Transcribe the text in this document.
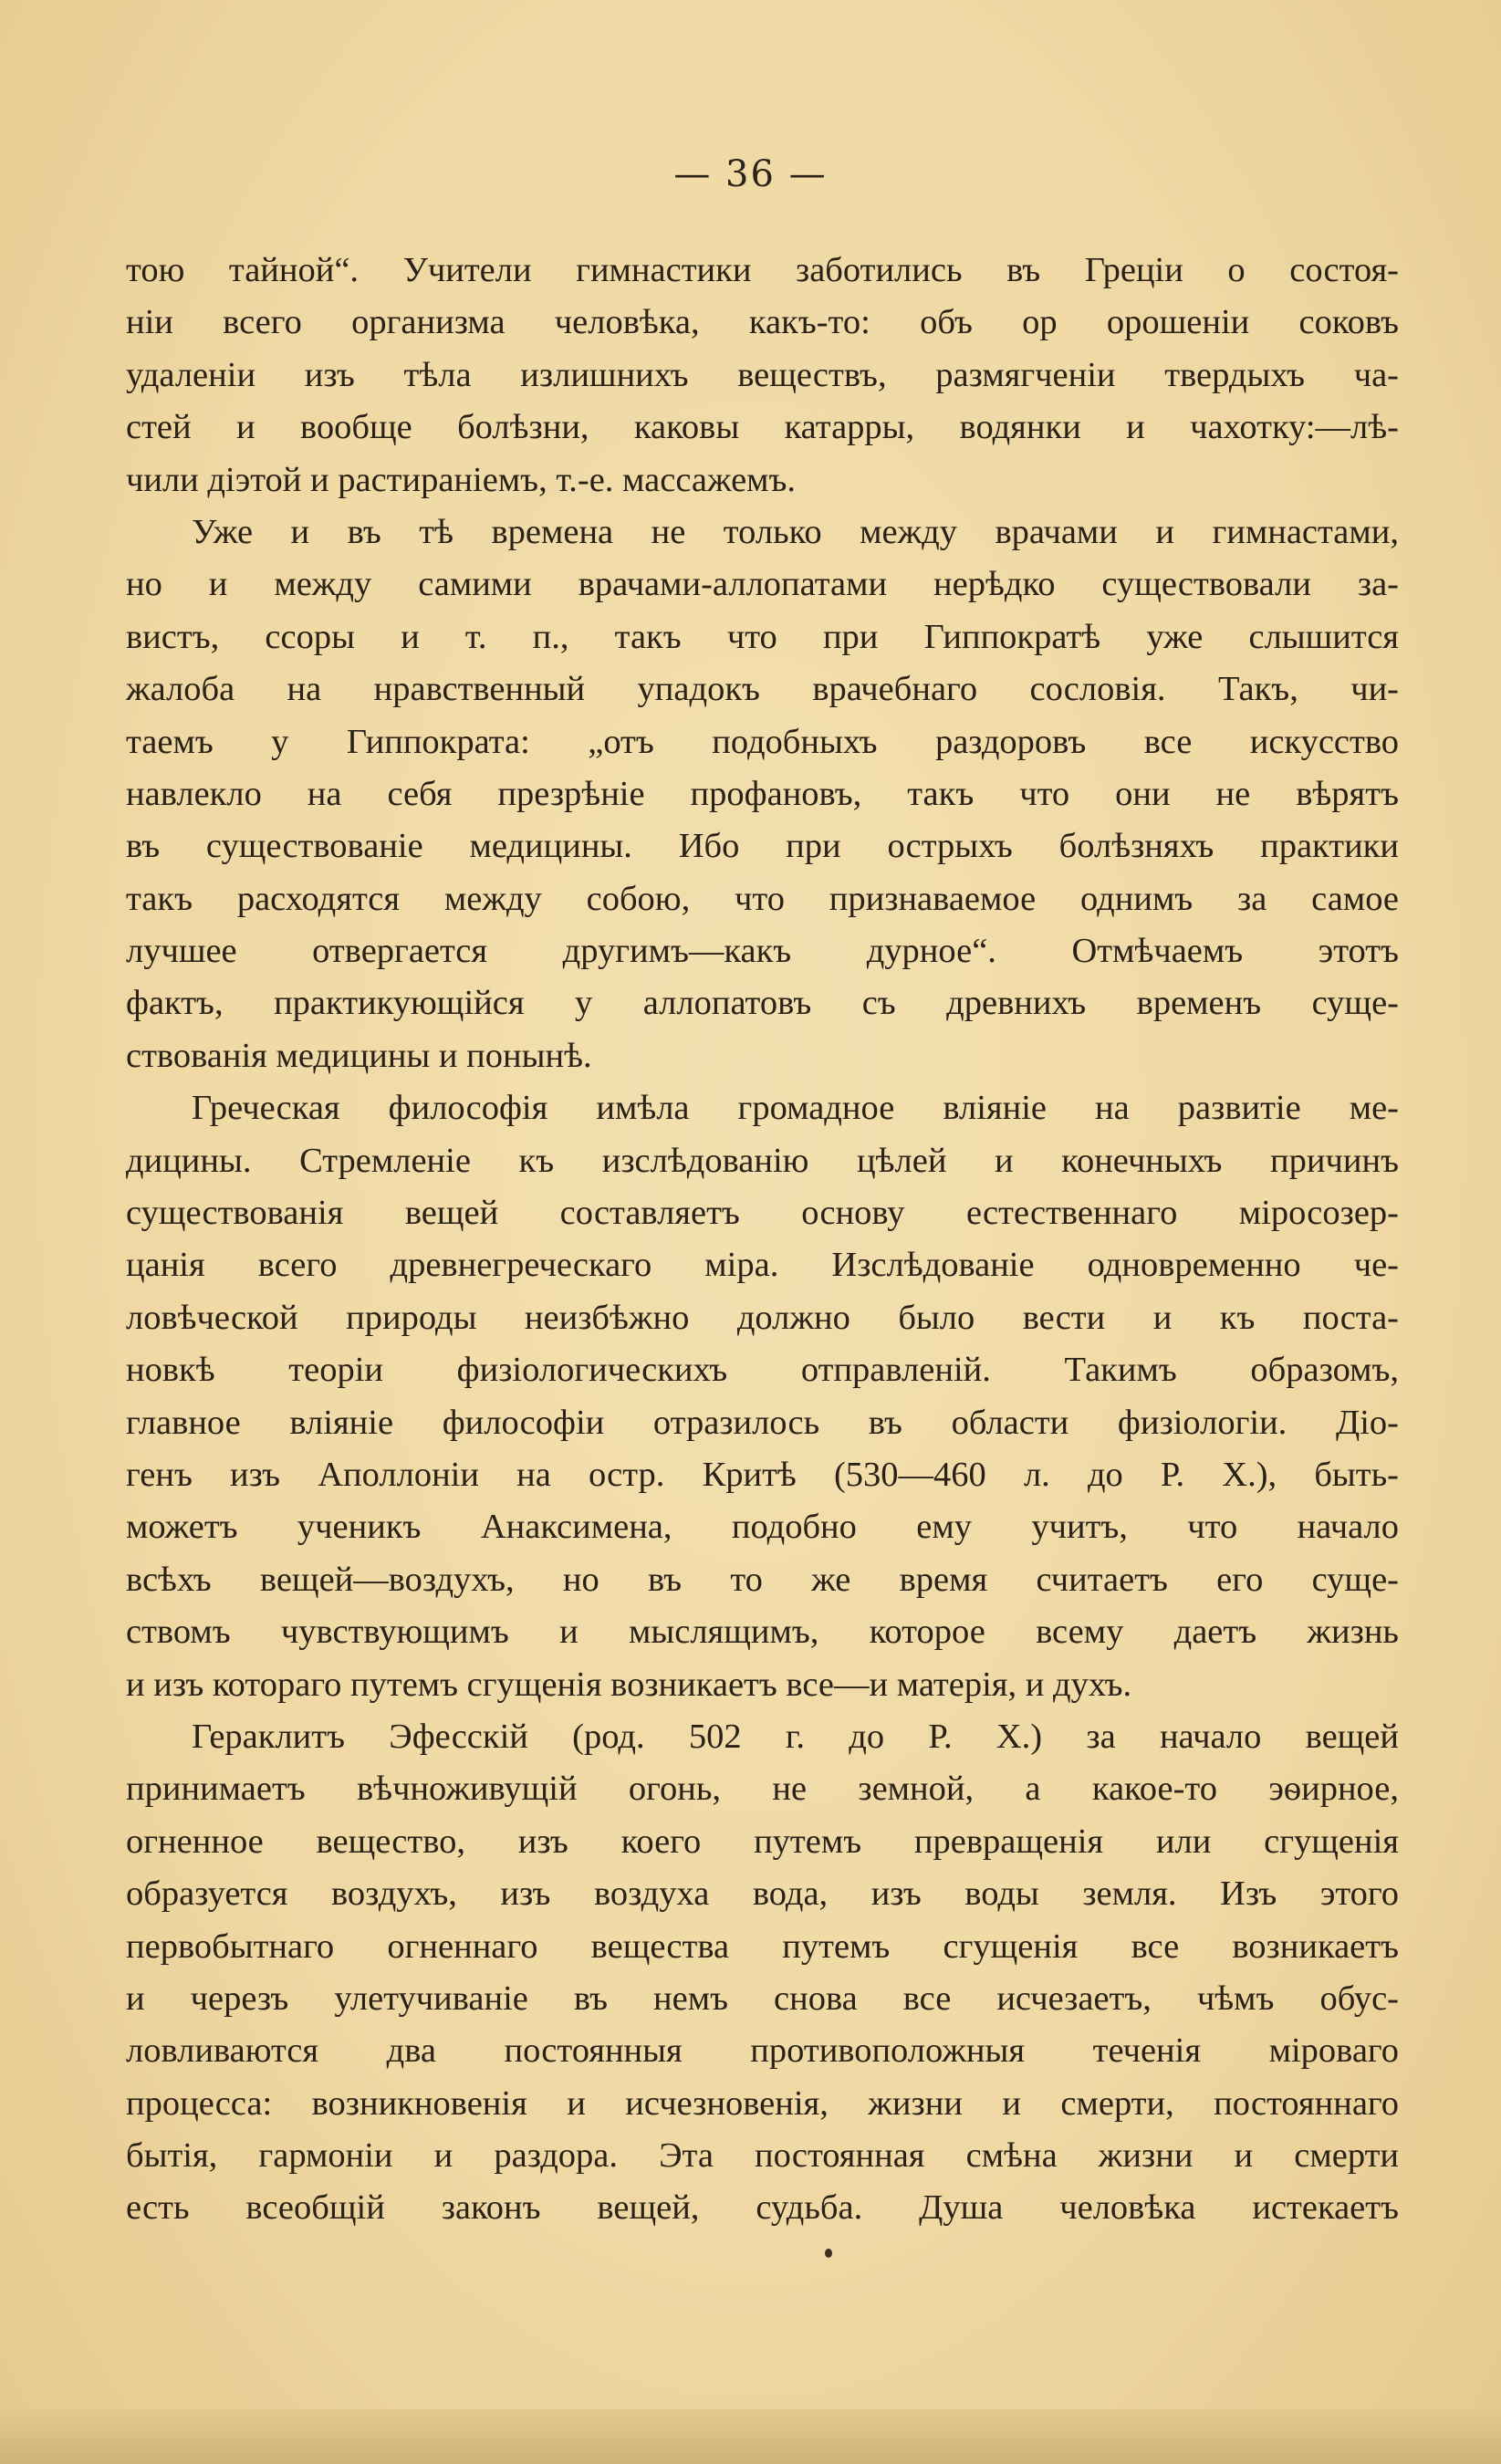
— 36 —
тою тайной“. Учители гимнастики заботились въ Греціи о состоя-
ніи всего организма человѣка, какъ-то: объ ор орошеніи соковъ
удаленіи изъ тѣла излишнихъ веществъ, размягченіи твердыхъ ча-
стей и вообще болѣзни, каковы катарры, водянки и чахотку:—лѣ-
чили діэтой и растираніемъ, т.-е. массажемъ.
Уже и въ тѣ времена не только между врачами и гимнастами,
но и между самими врачами-аллопатами нерѣдко существовали за-
вистъ, ссоры и т. п., такъ что при Гиппократѣ уже слышится
жалоба на нравственный упадокъ врачебнаго сословія. Такъ, чи-
таемъ у Гиппократа: „отъ подобныхъ раздоровъ все искусство
навлекло на себя презрѣніе профановъ, такъ что они не вѣрятъ
въ существованіе медицины. Ибо при острыхъ болѣзняхъ практики
такъ расходятся между собою, что признаваемое однимъ за самое
лучшее отвергается другимъ—какъ дурное“. Отмѣчаемъ этотъ
фактъ, практикующійся у аллопатовъ съ древнихъ временъ суще-
ствованія медицины и понынѣ.
Греческая философія имѣла громадное вліяніе на развитіе ме-
дицины. Стремленіе къ изслѣдованію цѣлей и конечныхъ причинъ
существованія вещей составляетъ основу естественнаго міросозер-
цанія всего древнегреческаго міра. Изслѣдованіе одновременно че-
ловѣческой природы неизбѣжно должно было вести и къ поста-
новкѣ теоріи физіологическихъ отправленій. Такимъ образомъ,
главное вліяніе философіи отразилось въ области физіологіи. Діо-
генъ изъ Аполлоніи на остр. Критѣ (530—460 л. до Р. Х.), быть-
можетъ ученикъ Анаксимена, подобно ему учитъ, что начало
всѣхъ вещей—воздухъ, но въ то же время считаетъ его суще-
ствомъ чувствующимъ и мыслящимъ, которое всему даетъ жизнь
и изъ котораго путемъ сгущенія возникаетъ все—и матерія, и духъ.
Гераклитъ Эфесскій (род. 502 г. до Р. Х.) за начало вещей
принимаетъ вѣчноживущій огонь, не земной, а какое-то эѳирное,
огненное вещество, изъ коего путемъ превращенія или сгущенія
образуется воздухъ, изъ воздуха вода, изъ воды земля. Изъ этого
первобытнаго огненнаго вещества путемъ сгущенія все возникаетъ
и черезъ улетучиваніе въ немъ снова все исчезаетъ, чѣмъ обус-
ловливаются два постоянныя противоположныя теченія міроваго
процесса: возникновенія и исчезновенія, жизни и смерти, постояннаго
бытія, гармоніи и раздора. Эта постоянная смѣна жизни и смерти
есть всеобщій законъ вещей, судьба. Душа человѣка истекаетъ
